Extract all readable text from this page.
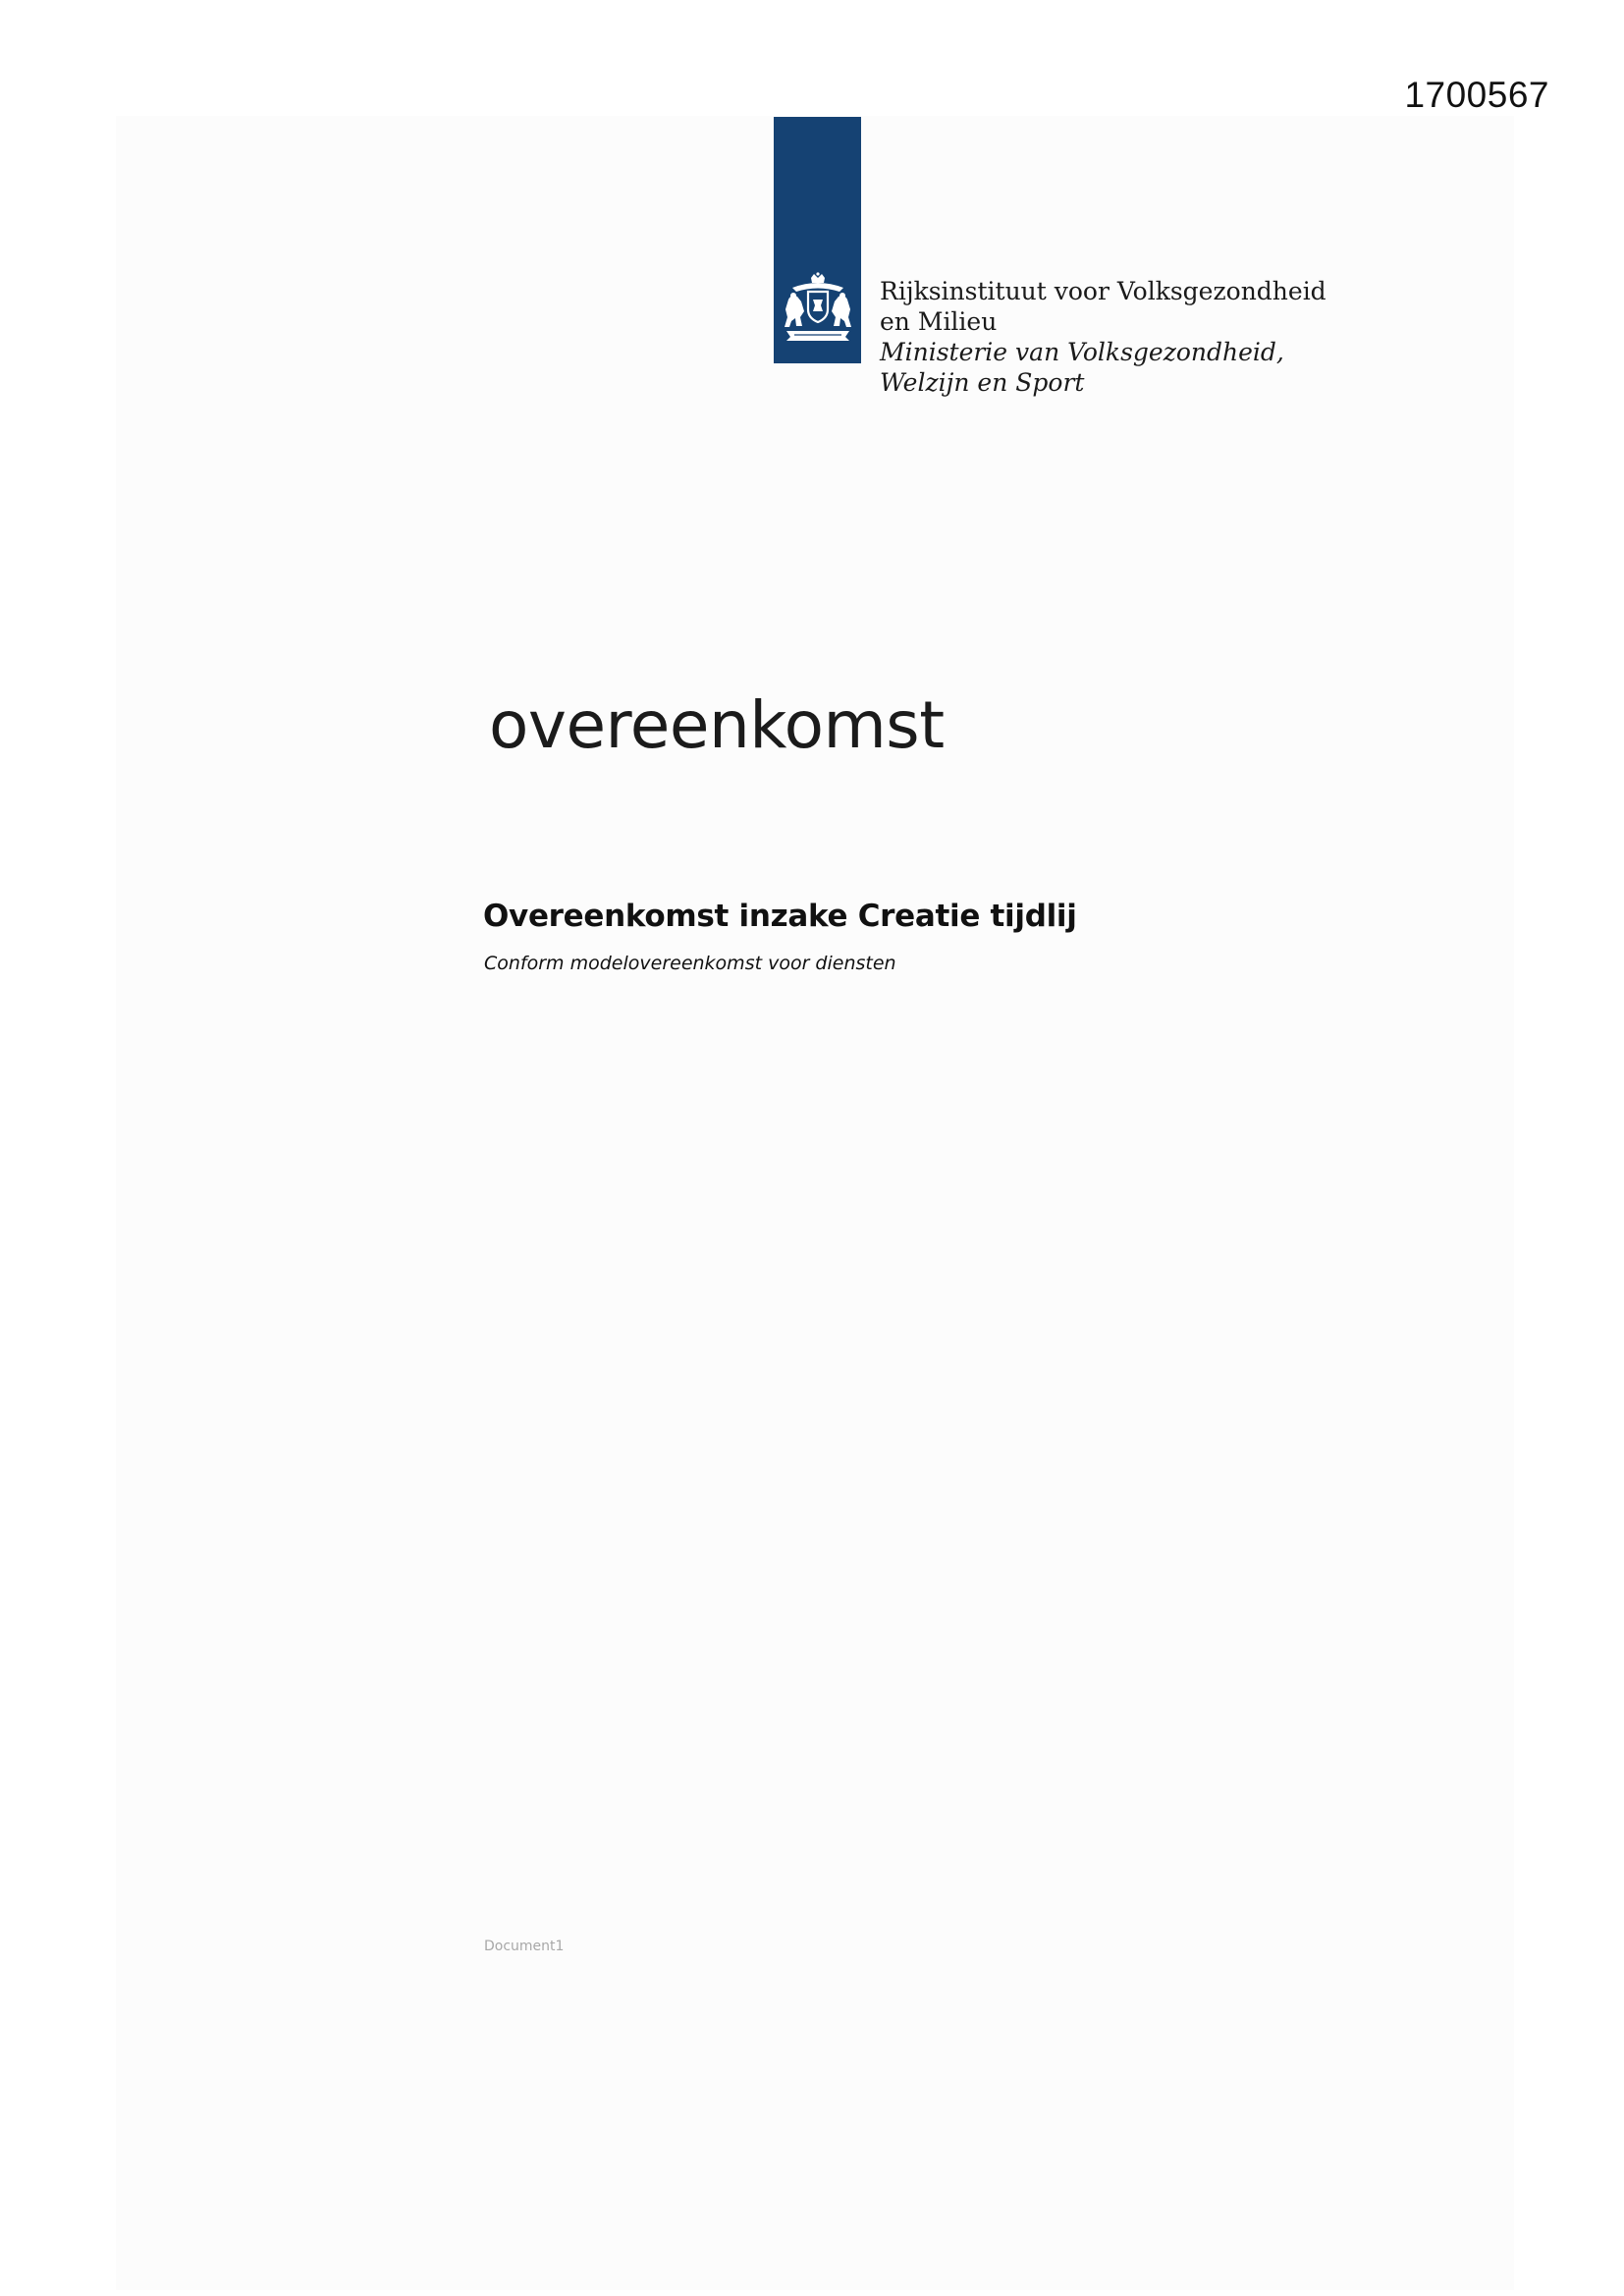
1700567
Rijksinstituut voor Volksgezondheid
en Milieu
Ministerie van Volksgezondheid,
Welzijn en Sport
overeenkomst
Overeenkomst inzake Creatie tijdlij
Conform modelovereenkomst voor diensten
Document1
